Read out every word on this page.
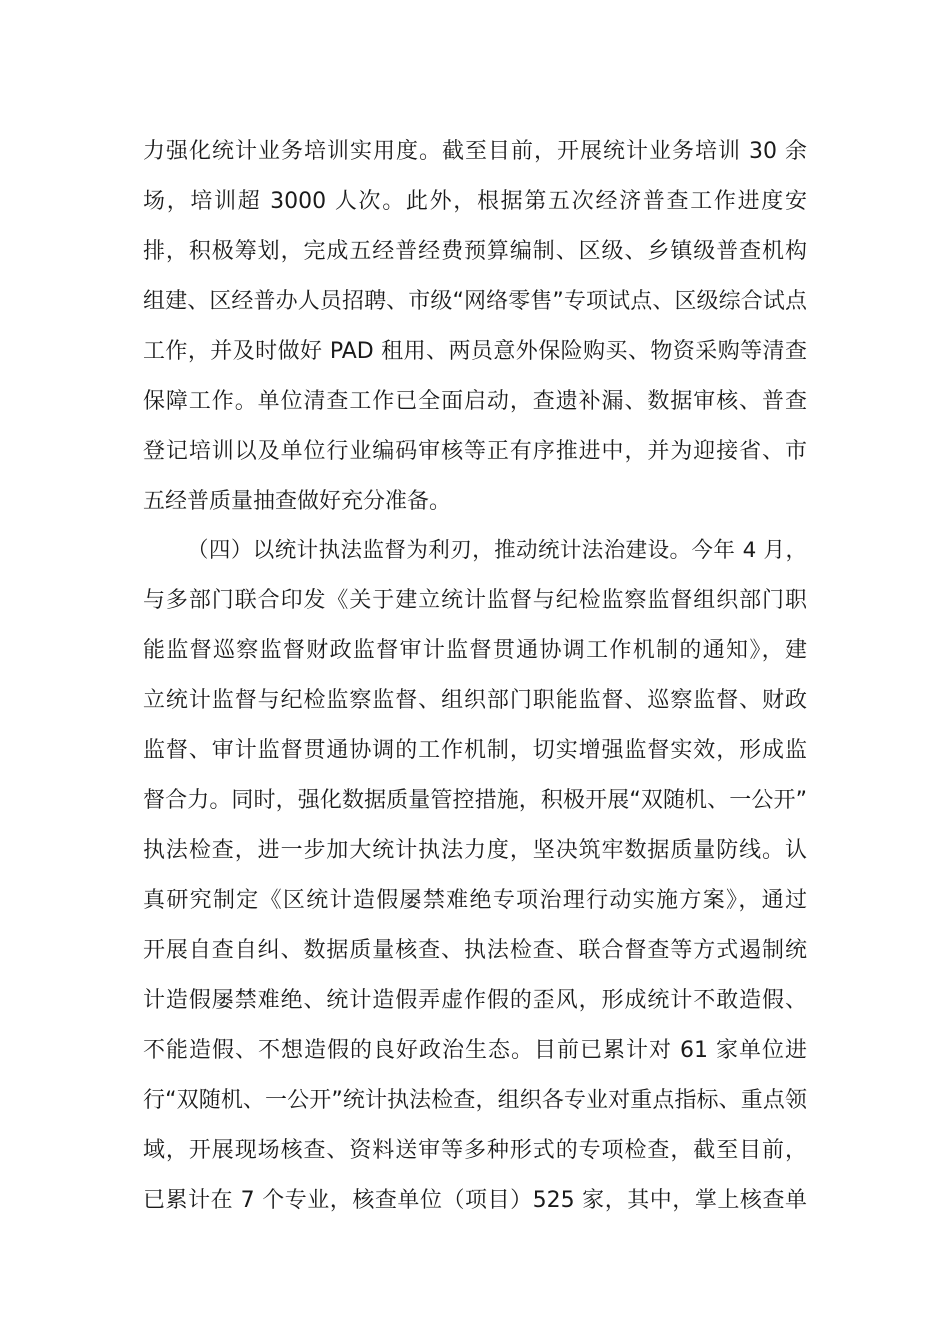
力强化统计业务培训实用度。截至目前，开展统计业务培训 30 余
场，培训超 3000 人次。此外，根据第五次经济普查工作进度安
排，积极筹划，完成五经普经费预算编制、区级、乡镇级普查机构
组建、区经普办人员招聘、市级“网络零售”专项试点、区级综合试点
工作，并及时做好 PAD 租用、两员意外保险购买、物资采购等清查
保障工作。单位清查工作已全面启动，查遗补漏、数据审核、普查
登记培训以及单位行业编码审核等正有序推进中，并为迎接省、市
五经普质量抽查做好充分准备。
（四）以统计执法监督为利刃，推动统计法治建设。今年 4 月，
与多部门联合印发《关于建立统计监督与纪检监察监督组织部门职
能监督巡察监督财政监督审计监督贯通协调工作机制的通知》，建
立统计监督与纪检监察监督、组织部门职能监督、巡察监督、财政
监督、审计监督贯通协调的工作机制，切实增强监督实效，形成监
督合力。同时，强化数据质量管控措施，积极开展“双随机、一公开”
执法检查，进一步加大统计执法力度，坚决筑牢数据质量防线。认
真研究制定《区统计造假屡禁难绝专项治理行动实施方案》，通过
开展自查自纠、数据质量核查、执法检查、联合督查等方式遏制统
计造假屡禁难绝、统计造假弄虚作假的歪风，形成统计不敢造假、
不能造假、不想造假的良好政治生态。目前已累计对 61 家单位进
行“双随机、一公开”统计执法检查，组织各专业对重点指标、重点领
域，开展现场核查、资料送审等多种形式的专项检查，截至目前，
已累计在 7 个专业，核查单位（项目）525 家，其中，掌上核查单
